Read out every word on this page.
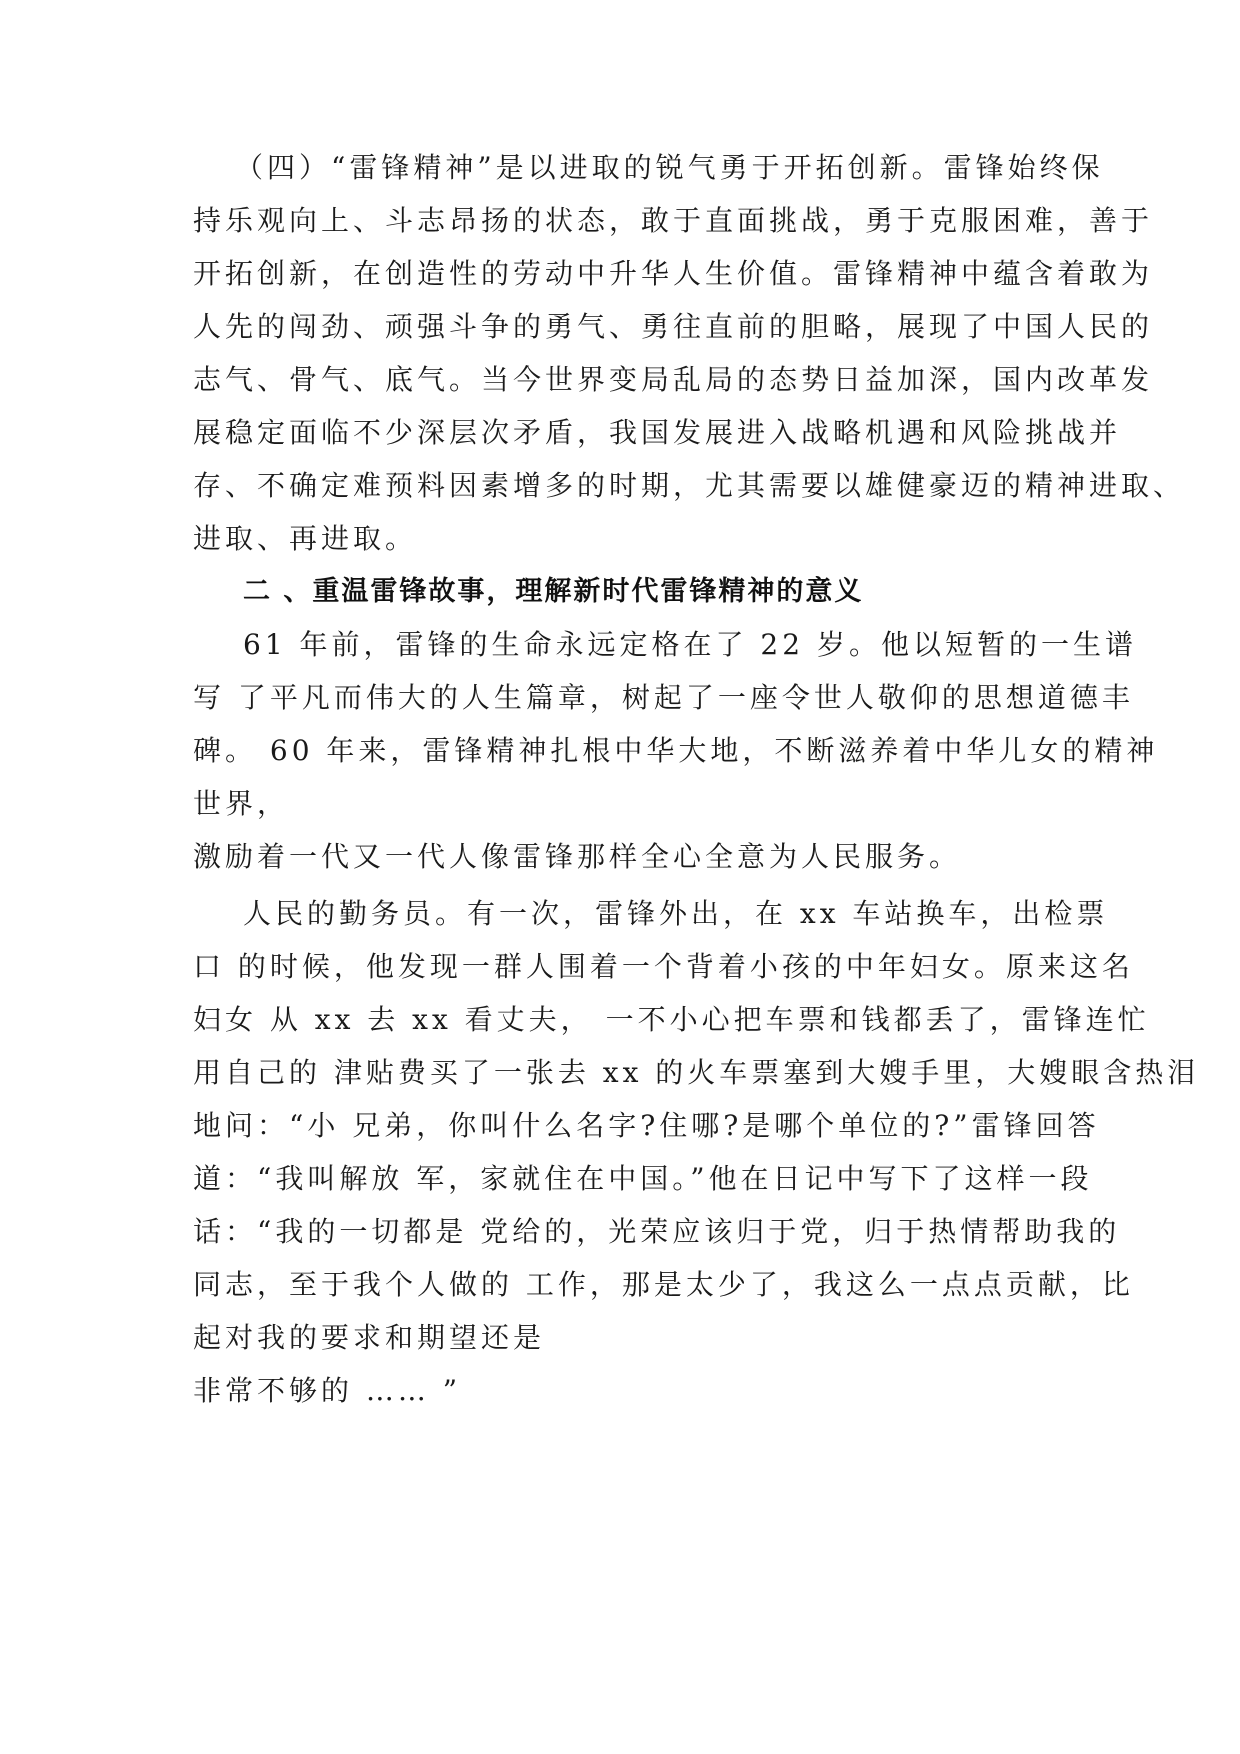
（四）“雷锋精神”是以进取的锐气勇于开拓创新。雷锋始终保
持乐观向上、斗志昂扬的状态，敢于直面挑战，勇于克服困难，善于
开拓创新，在创造性的劳动中升华人生价值。雷锋精神中蕴含着敢为
人先的闯劲、顽强斗争的勇气、勇往直前的胆略，展现了中国人民的
志气、骨气、底气。当今世界变局乱局的态势日益加深，国内改革发
展稳定面临不少深层次矛盾，我国发展进入战略机遇和风险挑战并
存、不确定难预料因素增多的时期，尤其需要以雄健豪迈的精神进取、
进取、再进取。
二 、重温雷锋故事，理解新时代雷锋精神的意义
61 年前，雷锋的生命永远定格在了 22 岁。他以短暂的一生谱
写 了平凡而伟大的人生篇章，树起了一座令世人敬仰的思想道德丰
碑。 60 年来，雷锋精神扎根中华大地，不断滋养着中华儿女的精神
世界，
激励着一代又一代人像雷锋那样全心全意为人民服务。
人民的勤务员。有一次，雷锋外出，在 xx 车站换车，出检票
口 的时候，他发现一群人围着一个背着小孩的中年妇女。原来这名
妇女 从 xx 去 xx 看丈夫， 一不小心把车票和钱都丢了，雷锋连忙
用自己的 津贴费买了一张去 xx 的火车票塞到大嫂手里，大嫂眼含热泪
地问：“小 兄弟，你叫什么名字?住哪?是哪个单位的?”雷锋回答
道：“我叫解放 军，家就住在中国。”他在日记中写下了这样一段
话：“我的一切都是 党给的，光荣应该归于党，归于热情帮助我的
同志，至于我个人做的 工作，那是太少了，我这么一点点贡献，比
起对我的要求和期望还是
非常不够的 …… ”
